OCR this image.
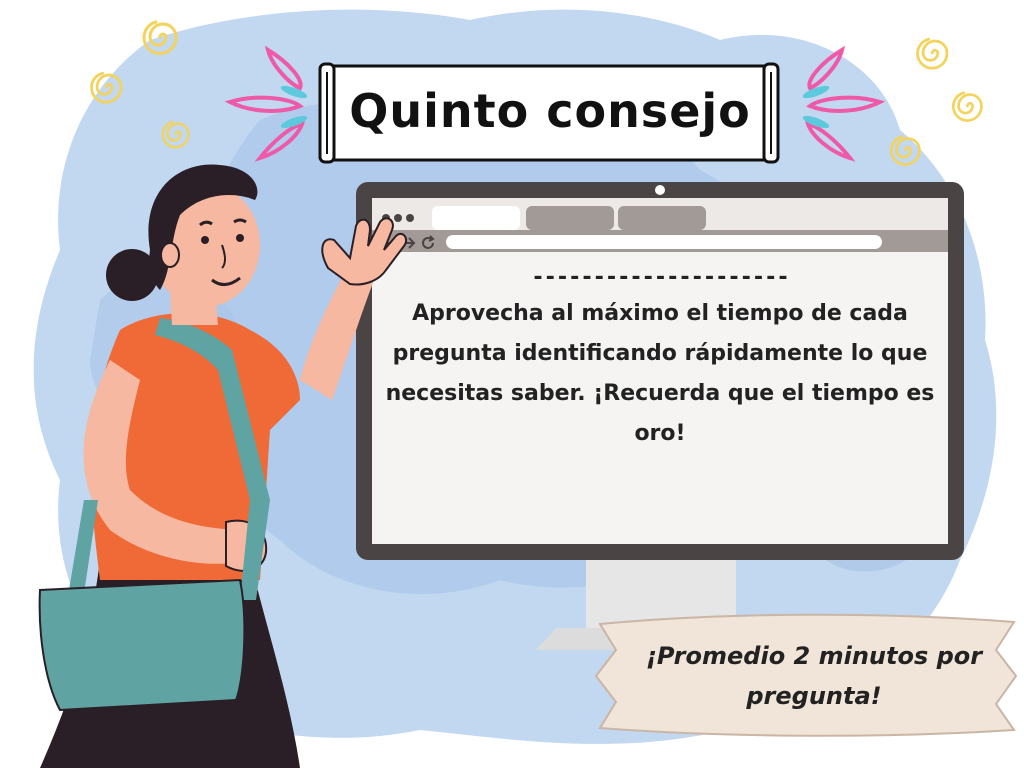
Quinto consejo
---------------------
Aprovecha al máximo el tiempo de cada pregunta identificando rápidamente lo que necesitas saber. ¡Recuerda que el tiempo es oro!
¡Promedio 2 minutos por pregunta!
